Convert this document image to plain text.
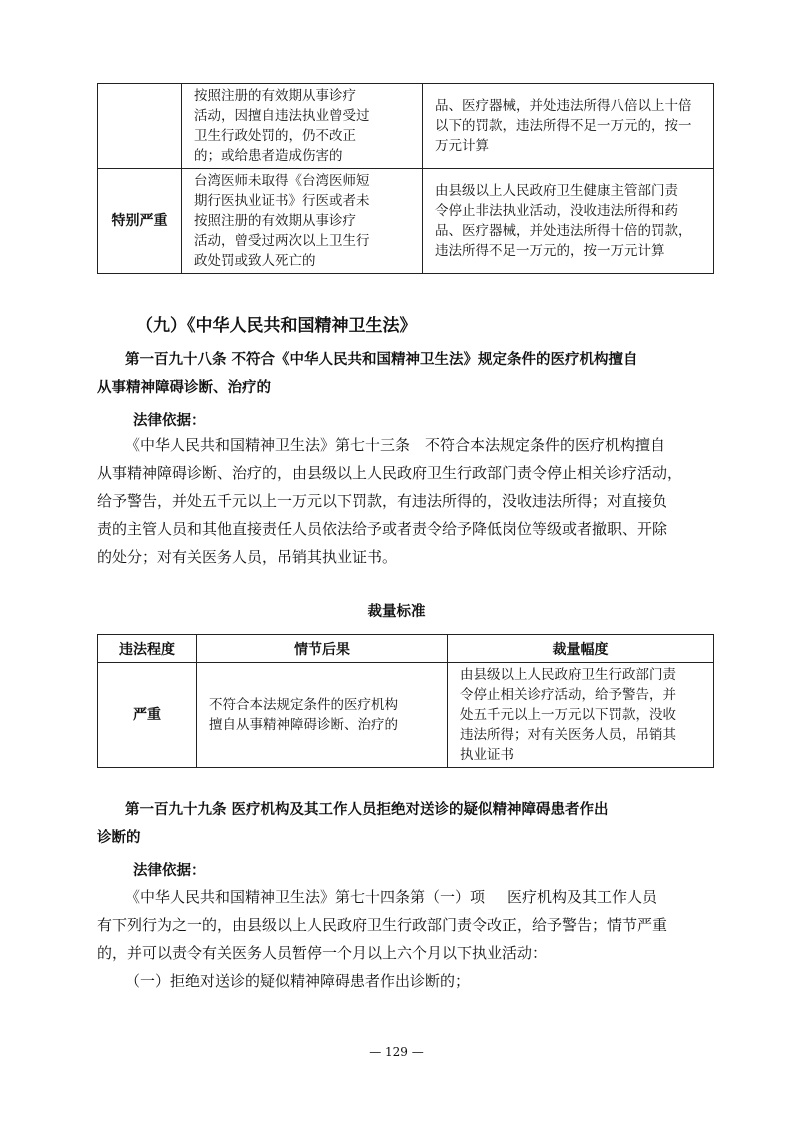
	按照注册的有效期从事诊疗
活动，因擅自违法执业曾受过
卫生行政处罚的，仍不改正
的；或给患者造成伤害的	品、医疗器械，并处违法所得八倍以上十倍
以下的罚款，违法所得不足一万元的，按一
万元计算

特别严重	台湾医师未取得《台湾医师短
期行医执业证书》行医或者未
按照注册的有效期从事诊疗
活动，曾受过两次以上卫生行
政处罚或致人死亡的	由县级以上人民政府卫生健康主管部门责
令停止非法执业活动，没收违法所得和药
品、医疗器械，并处违法所得十倍的罚款，
违法所得不足一万元的，按一万元计算
（九）《中华人民共和国精神卫生法》
第一百九十八条 不符合《中华人民共和国精神卫生法》规定条件的医疗机构擅自
从事精神障碍诊断、治疗的
法律依据：
《中华人民共和国精神卫生法》第七十三条　不符合本法规定条件的医疗机构擅自
从事精神障碍诊断、治疗的，由县级以上人民政府卫生行政部门责令停止相关诊疗活动，
给予警告，并处五千元以上一万元以下罚款，有违法所得的，没收违法所得；对直接负
责的主管人员和其他直接责任人员依法给予或者责令给予降低岗位等级或者撤职、开除
的处分；对有关医务人员，吊销其执业证书。
裁量标准
违法程度	情节后果	裁量幅度
严重	不符合本法规定条件的医疗机构
擅自从事精神障碍诊断、治疗的	由县级以上人民政府卫生行政部门责
令停止相关诊疗活动，给予警告，并
处五千元以上一万元以下罚款，没收
违法所得；对有关医务人员，吊销其
执业证书
第一百九十九条 医疗机构及其工作人员拒绝对送诊的疑似精神障碍患者作出
诊断的
法律依据：
《中华人民共和国精神卫生法》第七十四条第（一）项 医疗机构及其工作人员
有下列行为之一的，由县级以上人民政府卫生行政部门责令改正，给予警告；情节严重
的，并可以责令有关医务人员暂停一个月以上六个月以下执业活动：
（一）拒绝对送诊的疑似精神障碍患者作出诊断的；
— 129 —
